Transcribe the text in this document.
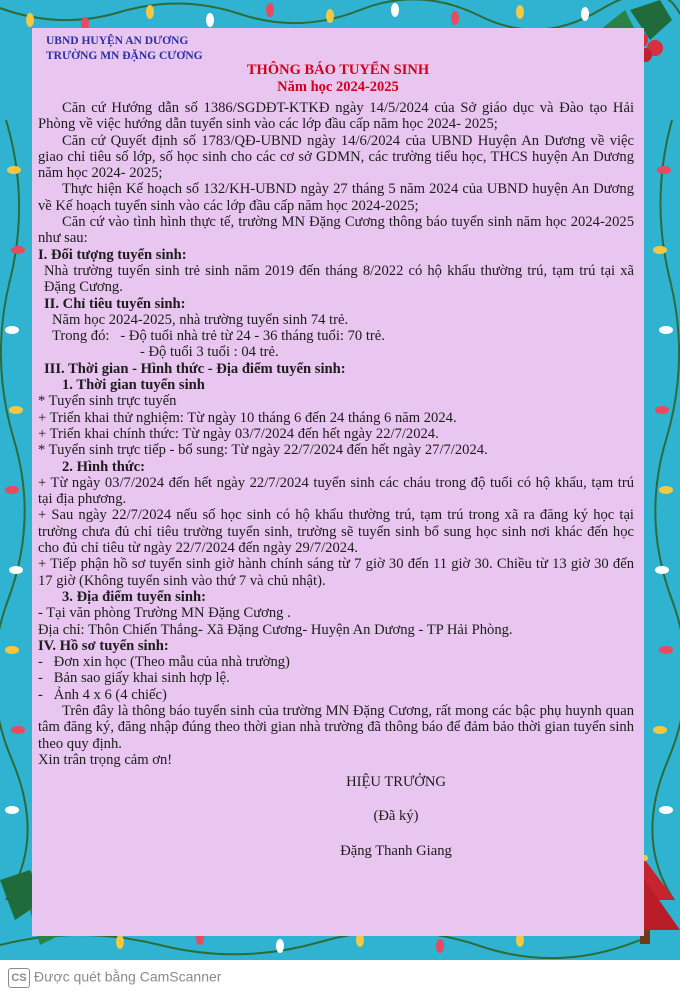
UBND HUYỆN AN DƯƠNG
TRƯỜNG MN ĐẶNG CƯƠNG
THÔNG BÁO TUYỂN SINH
Năm học 2024-2025

Căn cứ Hướng dẫn số 1386/SGDĐT-KTKĐ ngày 14/5/2024 của Sở giáo dục và Đào tạo Hải Phòng về việc hướng dẫn tuyển sinh vào các lớp đầu cấp năm học 2024- 2025;

Căn cứ Quyết định số 1783/QĐ-UBND ngày 14/6/2024 của UBND Huyện An Dương về việc giao chỉ tiêu số lớp, số học sinh cho các cơ sở GDMN, các trường tiểu học, THCS huyện An Dương năm học 2024- 2025;

Thực hiện Kế hoạch số 132/KH-UBND ngày 27 tháng 5 năm 2024 của UBND huyện An Dương về Kế hoạch tuyển sinh vào các lớp đầu cấp năm học 2024-2025;

Căn cứ vào tình hình thực tế, trường MN Đặng Cương thông báo tuyển sinh năm học 2024-2025 như sau:

I. Đối tượng tuyển sinh:

Nhà trường tuyển sinh trẻ sinh năm 2019 đến tháng 8/2022 có hộ khẩu thường trú, tạm trú tại xã Đặng Cương.

II. Chỉ tiêu tuyển sinh:

Năm học 2024-2025, nhà trường tuyển sinh 74 trẻ.

Trong đó: - Độ tuổi nhà trẻ từ 24 - 36 tháng tuổi: 70 trẻ.

- Độ tuổi 3 tuổi : 04 trẻ.

III. Thời gian - Hình thức - Địa điểm tuyển sinh:

1. Thời gian tuyển sinh

* Tuyển sinh trực tuyến

+ Triển khai thử nghiệm: Từ ngày 10 tháng 6 đến 24 tháng 6 năm 2024.

+ Triển khai chính thức: Từ ngày 03/7/2024 đến hết ngày 22/7/2024.

* Tuyển sinh trực tiếp - bổ sung: Từ ngày 22/7/2024 đến hết ngày 27/7/2024.

2. Hình thức:

+ Từ ngày 03/7/2024 đến hết ngày 22/7/2024 tuyển sinh các cháu trong độ tuổi có hộ khẩu, tạm trú tại địa phương.

+ Sau ngày 22/7/2024 nếu số học sinh có hộ khẩu thường trú, tạm trú trong xã ra đăng ký học tại trường chưa đủ chỉ tiêu trường tuyển sinh, trường sẽ tuyển sinh bổ sung học sinh nơi khác đến học cho đủ chỉ tiêu từ ngày 22/7/2024 đến ngày 29/7/2024.

+ Tiếp phận hồ sơ tuyển sinh giờ hành chính sáng từ 7 giờ 30 đến 11 giờ 30. Chiều từ 13 giờ 30 đến 17 giờ (Không tuyển sinh vào thứ 7 và chủ nhật).

3. Địa điểm tuyển sinh:

- Tại văn phòng Trường MN Đặng Cương .

Địa chỉ: Thôn Chiến Thắng- Xã Đặng Cương- Huyện An Dương - TP Hải Phòng.

IV. Hồ sơ tuyển sinh:

-   Đơn xin học (Theo mẫu của nhà trường)

-   Bản sao giấy khai sinh hợp lệ.

-   Ảnh 4 x 6 (4 chiếc)

Trên đây là thông báo tuyển sinh của trường MN Đặng Cương, rất mong các bậc phụ huynh quan tâm đăng ký, đăng nhập đúng theo thời gian nhà trường đã thông báo để đảm bảo thời gian tuyển sinh theo quy định.

Xin trân trọng cảm ơn!

HIỆU TRƯỞNG

(Đã ký)

Đặng Thanh Giang

CS Được quét bằng CamScanner
